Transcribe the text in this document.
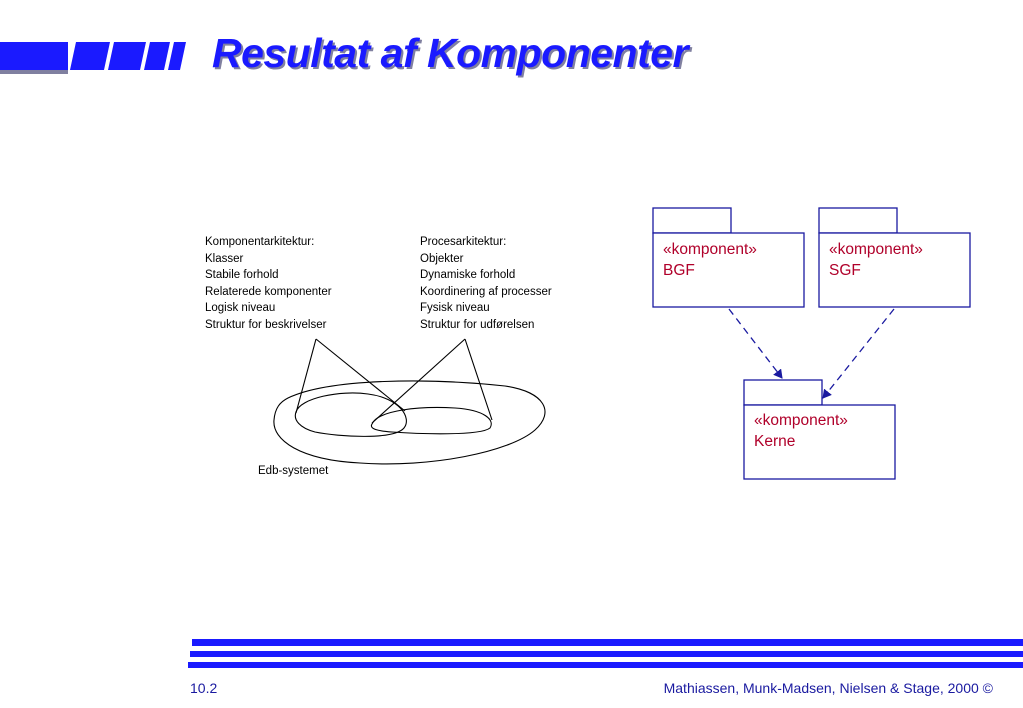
Resultat af Komponenter
Komponentarkitektur:
Klasser
Stabile forhold
Relaterede komponenter
Logisk niveau
Struktur for beskrivelser
Procesarkitektur:
Objekter
Dynamiske forhold
Koordinering af processer
Fysisk niveau
Struktur for udførelsen
Edb-systemet
«komponent»
BGF
«komponent»
SGF
«komponent»
Kerne
10.2	Mathiassen, Munk-Madsen, Nielsen & Stage, 2000 ©
